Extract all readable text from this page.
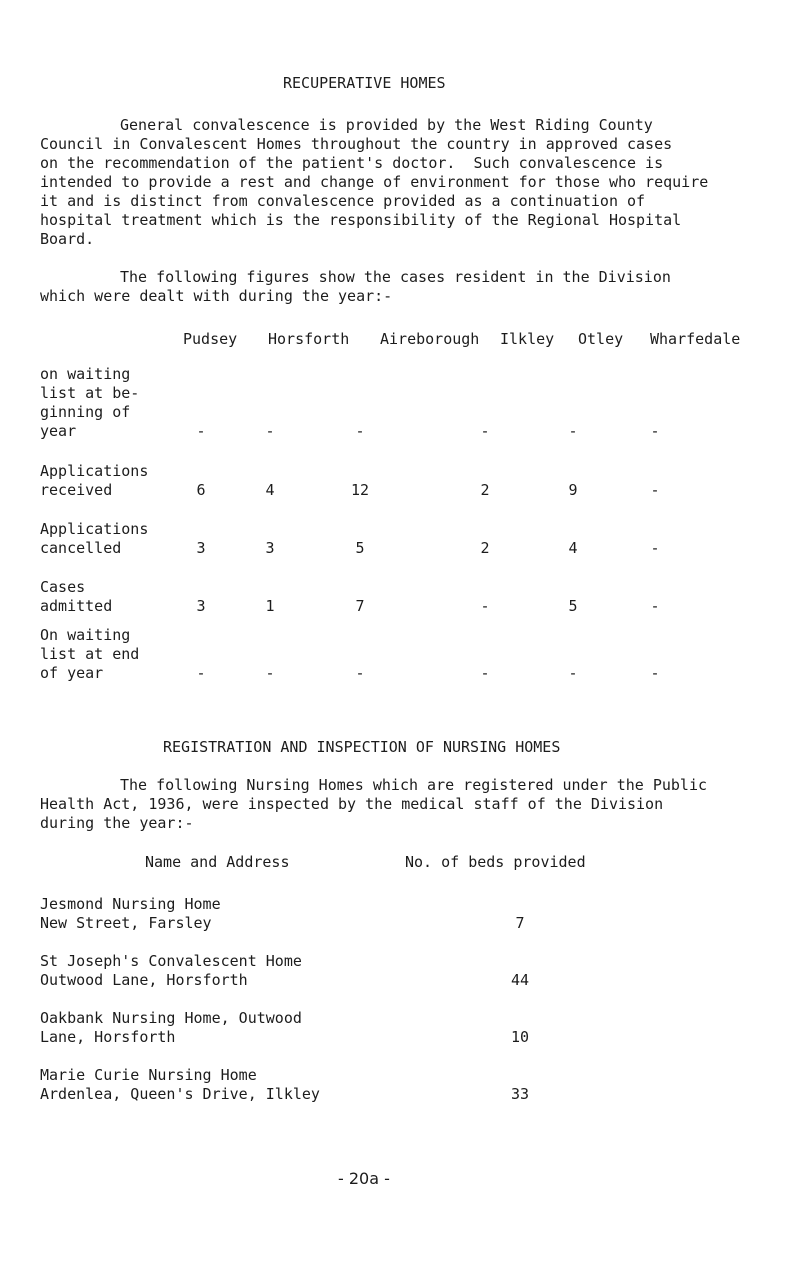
RECUPERATIVE HOMES
General convalescence is provided by the West Riding County
Council in Convalescent Homes throughout the country in approved cases
on the recommendation of the patient's doctor.  Such convalescence is
intended to provide a rest and change of environment for those who require
it and is distinct from convalescence provided as a continuation of
hospital treatment which is the responsibility of the Regional Hospital
Board.
The following figures show the cases resident in the Division
which were dealt with during the year:-
Pudsey Horsforth Aireborough Ilkley Otley Wharfedale
on waiting
list at be-
ginning of
year	-	-	-	-	-	-
Applications
received	6	4	12	2	9	-
Applications
cancelled	3	3	5	2	4	-
Cases
admitted	3	1	7	-	5	-
On waiting
list at end
of year	-	-	-	-	-	-
REGISTRATION AND INSPECTION OF NURSING HOMES
The following Nursing Homes which are registered under the Public
Health Act, 1936, were inspected by the medical staff of the Division
during the year:-
Name and Address	No. of beds provided
Jesmond Nursing Home
New Street, Farsley	7
St Joseph's Convalescent Home
Outwood Lane, Horsforth	44
Oakbank Nursing Home, Outwood
Lane, Horsforth	10
Marie Curie Nursing Home
Ardenlea, Queen's Drive, Ilkley	33
- 20a -
